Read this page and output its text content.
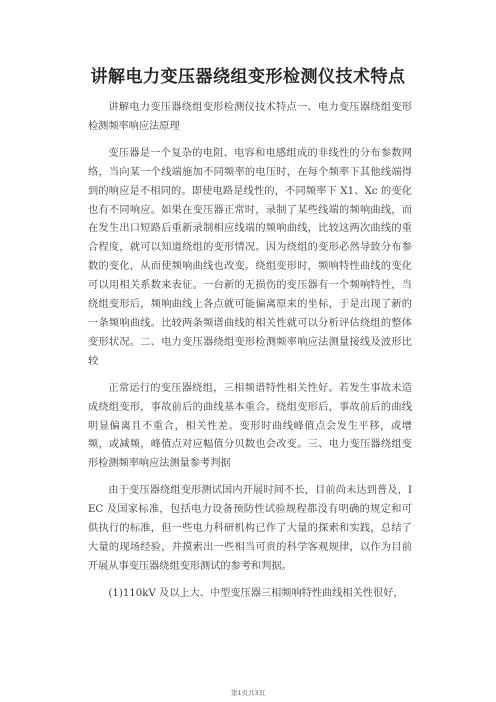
讲解电力变压器绕组变形检测仪技术特点

讲解电力变压器绕组变形检测仪技术特点一、电力变压器绕组变形检测频率响应法原理

变压器是一个复杂的电阻、电容和电感组成的非线性的分布参数网络，当向某一个线端施加不同频率的电压时，在每个频率下其他线端得到的响应是不相同的。即使电路是线性的，不同频率下 X1、Xc 的变化也有不同响应。如果在变压器正常时，录制了某些线端的频响曲线，而在发生出口短路后重新录制相应线端的频响曲线，比较这两次曲线的重合程度，就可以知道绕组的变形情况。因为绕组的变形必然导致分布参数的变化，从而使频响曲线也改变。绕组变形时，频响特性曲线的变化可以用相关系数来表征。一台新的无损伤的变压器有一个频响特性，当绕组变形后，频响曲线上各点就可能偏离原来的坐标，于是出现了新的一条频响曲线。比较两条频谱曲线的相关性就可以分析评估绕组的整体变形状况。二、电力变压器绕组变形检测频率响应法测量接线及波形比较

正常运行的变压器绕组，三相频谱特性相关性好。若发生事故未造成绕组变形，事故前后的曲线基本重合。绕组变形后，事故前后的曲线明显偏离且不重合，相关性差。变形时曲线峰值点会发生平移，或增频，或减频，峰值点对应幅值分贝数也会改变。三、电力变压器绕组变形检测频率响应法测量参考判据

由于变压器绕组变形测试国内开展时间不长，目前尚未达到普及，IEC 及国家标准，包括电力设备预防性试验规程都没有明确的规定和可供执行的标准，但一些电力科研机构已作了大量的探索和实践，总结了大量的现场经验，并摸索出一些相当可贵的科学客观规律，以作为目前开展从事变压器绕组变形测试的参考和判据。

(1)110kV 及以上大、中型变压器三相频响特性曲线相关性很好，

第1页共3页
